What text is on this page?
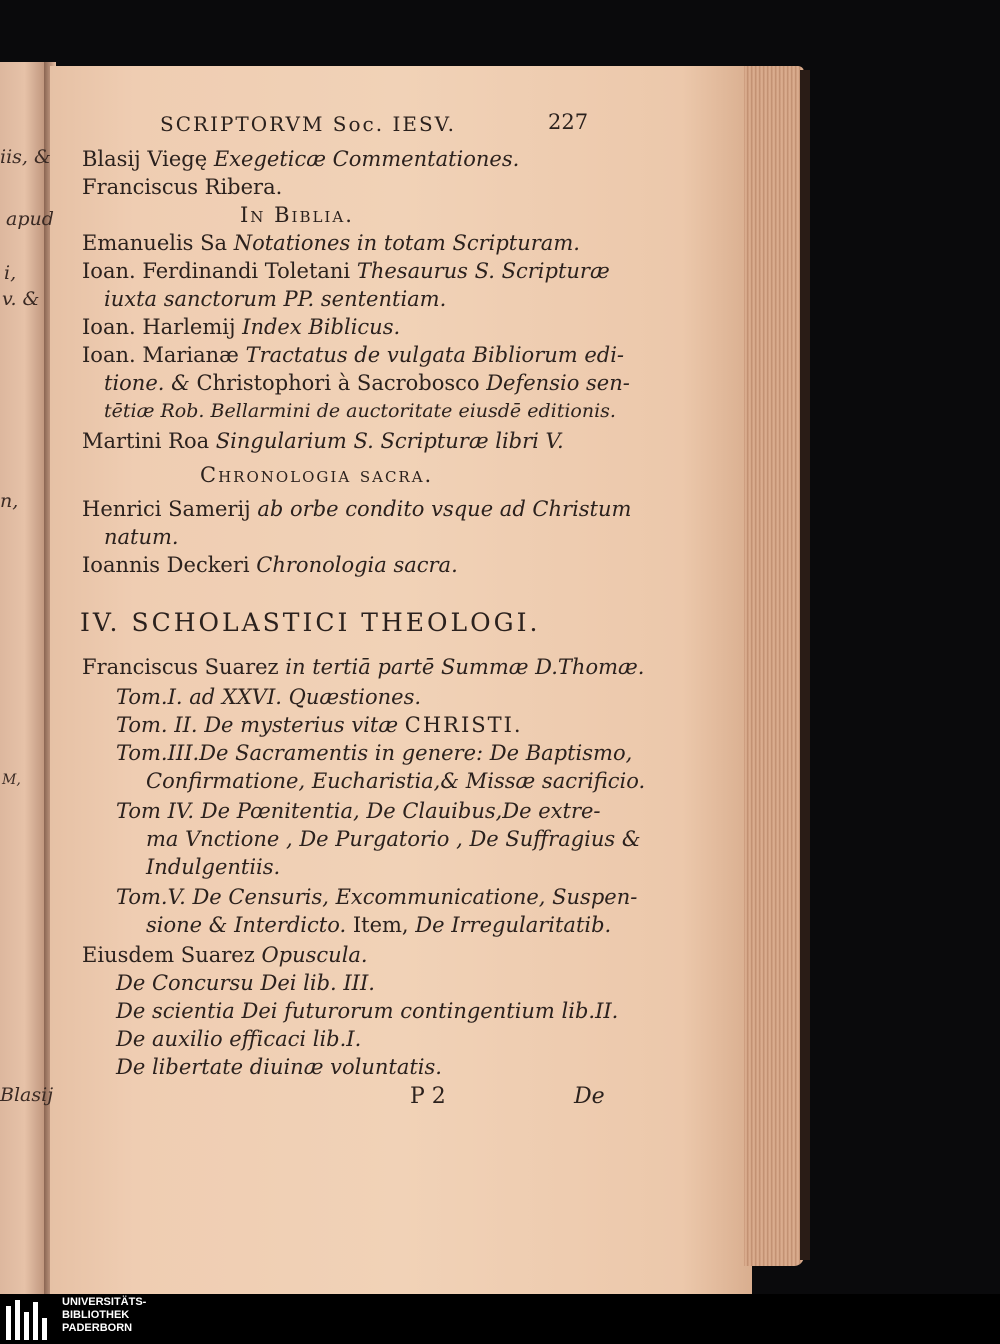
iis, &
apud
i,
v. &
n,
M,
Blasij
SCRIPTORVM Soc. IESV.	227
Blasij Viegę Exegeticæ Commentationes.
Franciscus Ribera.
In Biblia.
Emanuelis Sa Notationes in totam Scripturam.
Ioan. Ferdinandi Toletani Thesaurus S. Scripturæ
iuxta sanctorum PP. sententiam.
Ioan. Harlemij Index Biblicus.
Ioan. Marianæ Tractatus de vulgata Bibliorum edi-
tione. & Christophori à Sacrobosco Defensio sen-
tētiæ Rob. Bellarmini de auctoritate eiusdē editionis.
Martini Roa Singularium S. Scripturæ libri V.
Chronologia sacra.
Henrici Samerij ab orbe condito vsque ad Christum
natum.
Ioannis Deckeri Chronologia sacra.
IV. SCHOLASTICI THEOLOGI.
Franciscus Suarez in tertiā partē Summæ D.Thomæ.
Tom.I. ad XXVI. Quæstiones.
Tom. II. De mysterius vitæ CHRISTI.
Tom.III.De Sacramentis in genere: De Baptismo,
Confirmatione, Eucharistia,& Missæ sacrificio.
Tom IV. De Pœnitentia, De Clauibus,De extre-
ma Vnctione , De Purgatorio , De Suffragius &
Indulgentiis.
Tom.V. De Censuris, Excommunicatione, Suspen-
sione & Interdicto. Item, De Irregularitatib.
Eiusdem Suarez Opuscula.
De Concursu Dei lib. III.
De scientia Dei futurorum contingentium lib.II.
De auxilio efficaci lib.I.
De libertate diuinæ voluntatis.
P 2	De
UNIVERSITÄTS-
BIBLIOTHEK
PADERBORN
